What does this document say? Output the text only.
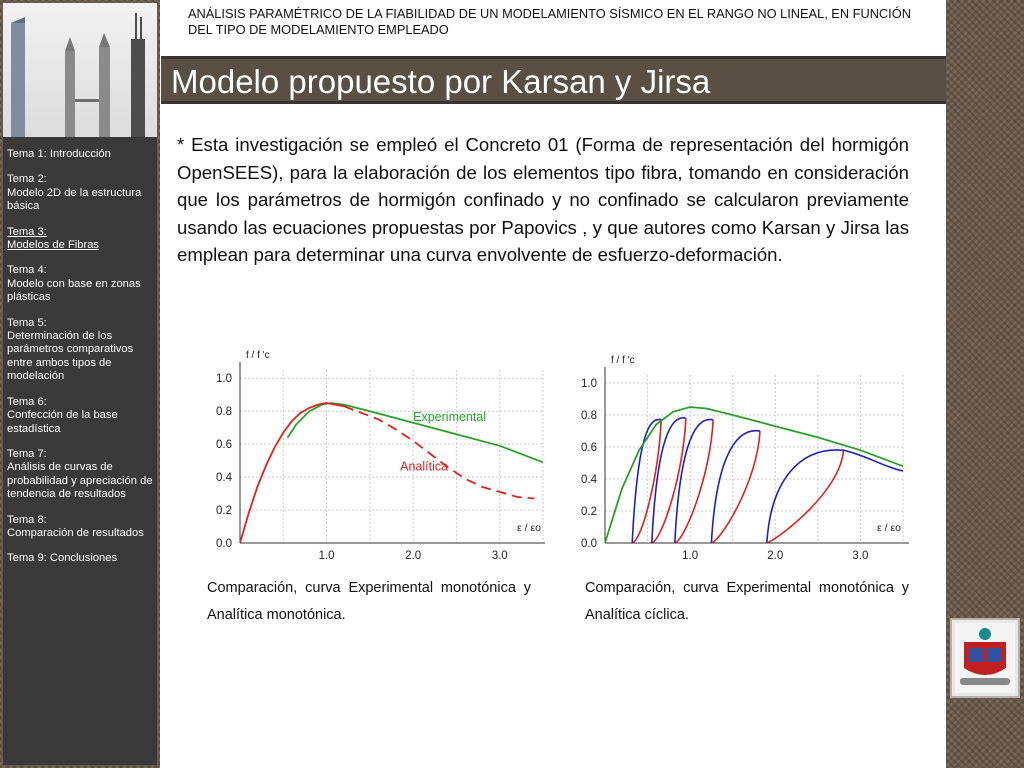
Tema 1: Introducción
Tema 2:
Modelo 2D de la estructura básica
Tema 3:
Modelos de Fibras
Tema 4:
Modelo con base en zonas plásticas
Tema 5:
Determinación de los parámetros comparativos entre ambos tipos de modelación
Tema 6:
Confección de la base estadística
Tema 7:
Análisis de curvas de probabilidad y apreciación de tendencia de resultados
Tema 8:
Comparación de resultados
Tema 9: Conclusiones
ANÁLISIS PARAMÉTRICO DE LA FIABILIDAD DE UN MODELAMIENTO SÍSMICO EN EL RANGO NO LINEAL, EN FUNCIÓN DEL TIPO DE MODELAMIENTO EMPLEADO
Modelo propuesto por Karsan y Jirsa
* Esta investigación se empleó el Concreto 01 (Forma de representación del hormigón OpenSEES), para la elaboración de los elementos tipo fibra, tomando en consideración que los parámetros de hormigón confinado y no confinado se calcularon previamente usando las ecuaciones propuestas por Papovics , y que autores como Karsan y Jirsa las emplean para determinar una curva envolvente de esfuerzo-deformación.
0.0
0.2
0.4
0.6
0.8
1.0
1.0	2.0	3.0
f / f 'c
ε / εo
Experimental
Analítica
0.0
0.2
0.4
0.6
0.8
1.0
1.0	2.0	3.0
f / f 'c
ε / εo
Comparación, curva Experimental monotónica y Analítica monotónica.
Comparación, curva Experimental monotónica y Analítica cíclica.
